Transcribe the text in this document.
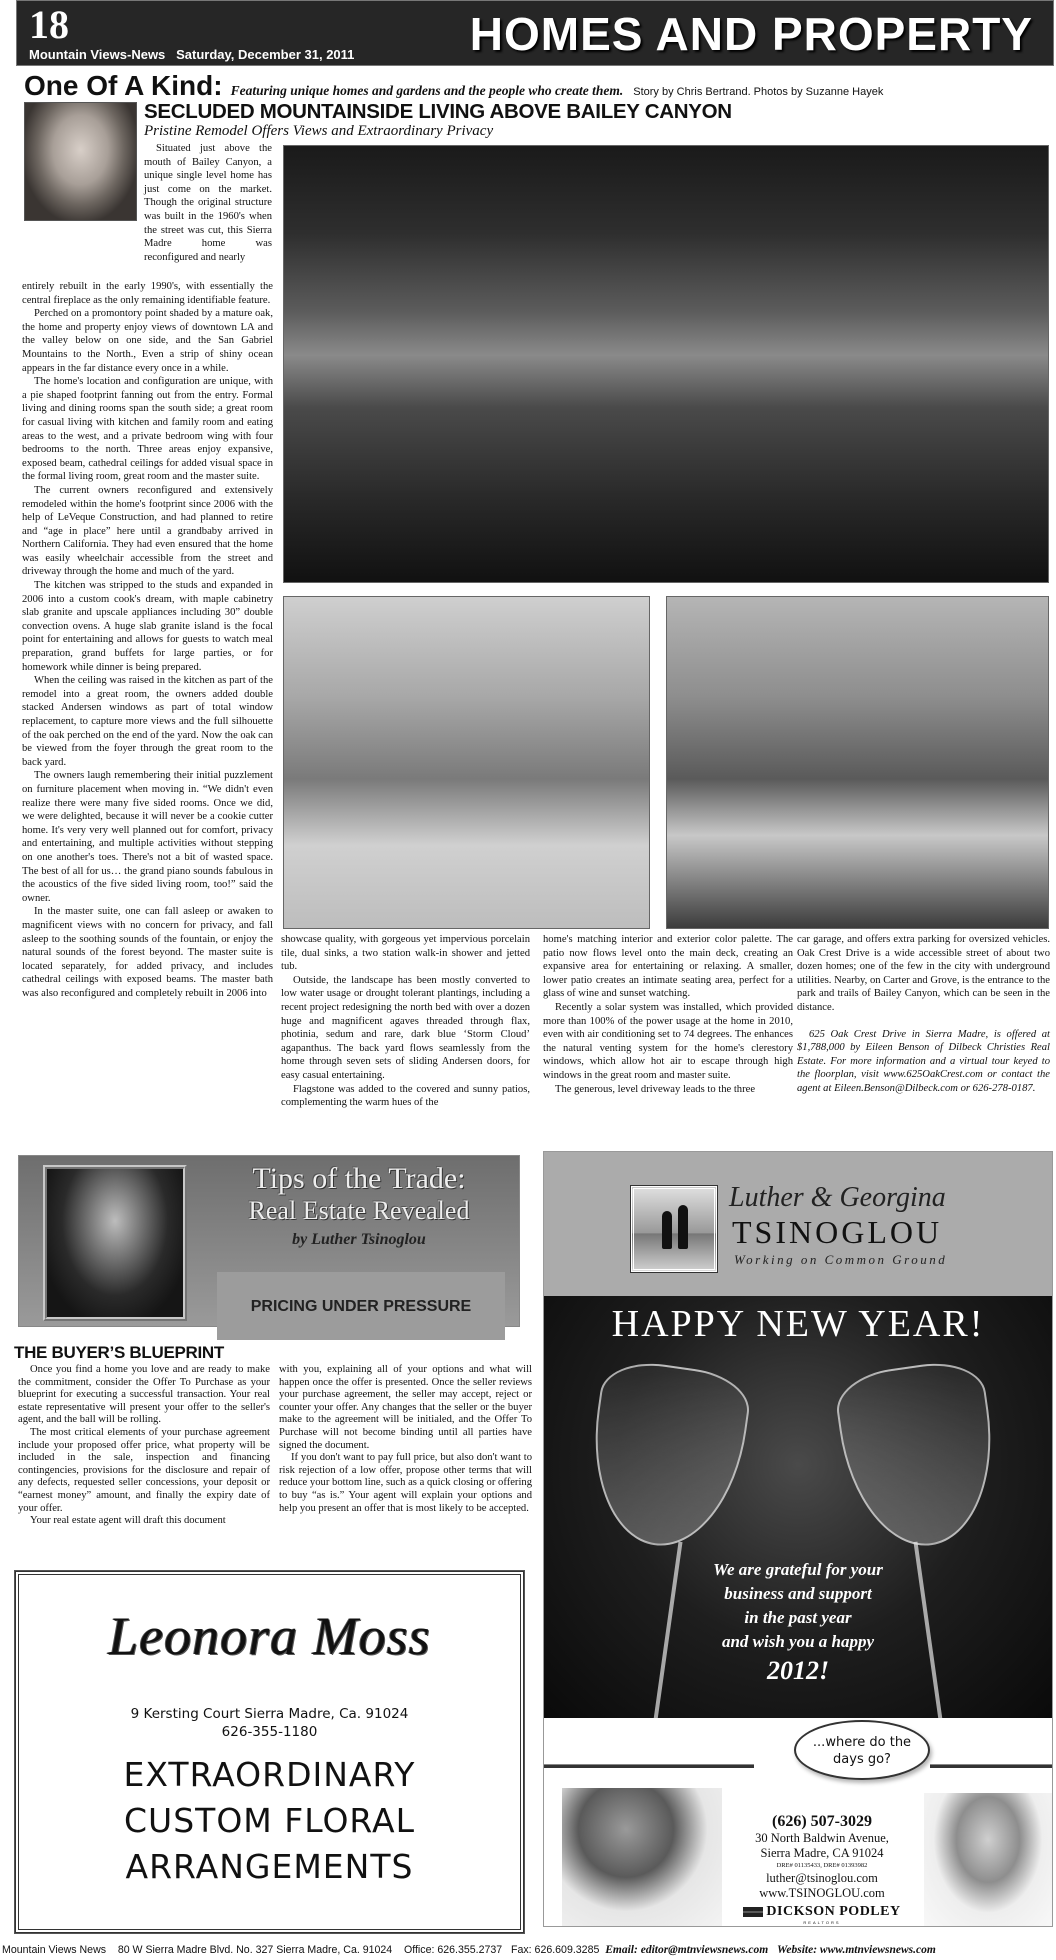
18
Mountain Views-News Saturday, December 31, 2011	HOMES AND PROPERTY
One Of A Kind: Featuring unique homes and gardens and the people who create them. Story by Chris Bertrand. Photos by Suzanne Hayek
SECLUDED MOUNTAINSIDE LIVING ABOVE BAILEY CANYON
Pristine Remodel Offers Views and Extraordinary Privacy

Situated just above the mouth of Bailey Canyon, a unique single level home has just come on the market. Though the original structure was built in the 1960's when the street was cut, this Sierra Madre home was reconfigured and nearly

entirely rebuilt in the early 1990's, with essentially the central fireplace as the only remaining identifiable feature.

Perched on a promontory point shaded by a mature oak, the home and property enjoy views of downtown LA and the valley below on one side, and the San Gabriel Mountains to the North., Even a strip of shiny ocean appears in the far distance every once in a while.

The home's location and configuration are unique, with a pie shaped footprint fanning out from the entry. Formal living and dining rooms span the south side; a great room for casual living with kitchen and family room and eating areas to the west, and a private bedroom wing with four bedrooms to the north. Three areas enjoy expansive, exposed beam, cathedral ceilings for added visual space in the formal living room, great room and the master suite.

The current owners reconfigured and extensively remodeled within the home's footprint since 2006 with the help of LeVeque Construction, and had planned to retire and “age in place” here until a grandbaby arrived in Northern California. They had even ensured that the home was easily wheelchair accessible from the street and driveway through the home and much of the yard.

The kitchen was stripped to the studs and expanded in 2006 into a custom cook's dream, with maple cabinetry slab granite and upscale appliances including 30” double convection ovens. A huge slab granite island is the focal point for entertaining and allows for guests to watch meal preparation, grand buffets for large parties, or for homework while dinner is being prepared.

When the ceiling was raised in the kitchen as part of the remodel into a great room, the owners added double stacked Andersen windows as part of total window replacement, to capture more views and the full silhouette of the oak perched on the end of the yard. Now the oak can be viewed from the foyer through the great room to the back yard.

The owners laugh remembering their initial puzzlement on furniture placement when moving in. “We didn't even realize there were many five sided rooms. Once we did, we were delighted, because it will never be a cookie cutter home. It's very very well planned out for comfort, privacy and entertaining, and multiple activities without stepping on one another's toes. There's not a bit of wasted space. The best of all for us… the grand piano sounds fabulous in the acoustics of the five sided living room, too!” said the owner.

In the master suite, one can fall asleep or awaken to magnificent views with no concern for privacy, and fall asleep to the soothing sounds of the fountain, or enjoy the natural sounds of the forest beyond. The master suite is located separately, for added privacy, and includes cathedral ceilings with exposed beams. The master bath was also reconfigured and completely rebuilt in 2006 into

showcase quality, with gorgeous yet impervious porcelain tile, dual sinks, a two station walk-in shower and jetted tub.

Outside, the landscape has been mostly converted to low water usage or drought tolerant plantings, including a recent project redesigning the north bed with over a dozen huge and magnificent agaves threaded through flax, photinia, sedum and rare, dark blue ‘Storm Cloud’ agapanthus. The back yard flows seamlessly from the home through seven sets of sliding Andersen doors, for easy casual entertaining.

Flagstone was added to the covered and sunny patios, complementing the warm hues of the

home's matching interior and exterior color palette. The patio now flows level onto the main deck, creating an expansive area for entertaining or relaxing. A smaller, lower patio creates an intimate seating area, perfect for a glass of wine and sunset watching.

Recently a solar system was installed, which provided more than 100% of the power usage at the home in 2010, even with air conditioning set to 74 degrees. The enhances the natural venting system for the home's clerestory windows, which allow hot air to escape through high windows in the great room and master suite.

The generous, level driveway leads to the three

car garage, and offers extra parking for oversized vehicles. Oak Crest Drive is a wide accessible street of about two dozen homes; one of the few in the city with underground utilities. Nearby, on Carter and Grove, is the entrance to the park and trails of Bailey Canyon, which can be seen in the distance.

625 Oak Crest Drive in Sierra Madre, is offered at $1,788,000 by Eileen Benson of Dilbeck Christies Real Estate. For more information and a virtual tour keyed to the floorplan, visit www.625OakCrest.com or contact the agent at Eileen.Benson@Dilbeck.com or 626-278-0187.

Tips of the Trade:
Real Estate Revealed
by Luther Tsinoglou
PRICING UNDER PRESSURE
THE BUYER’S BLUEPRINT

Once you find a home you love and are ready to make the commitment, consider the Offer To Purchase as your blueprint for executing a successful transaction. Your real estate representative will present your offer to the seller's agent, and the ball will be rolling.

The most critical elements of your purchase agreement include your proposed offer price, what property will be included in the sale, inspection and financing contingencies, provisions for the disclosure and repair of any defects, requested seller concessions, your deposit or “earnest money” amount, and finally the expiry date of your offer.

Your real estate agent will draft this document

with you, explaining all of your options and what will happen once the offer is presented. Once the seller reviews your purchase agreement, the seller may accept, reject or counter your offer. Any changes that the seller or the buyer make to the agreement will be initialed, and the Offer To Purchase will not become binding until all parties have signed the document.

If you don't want to pay full price, but also don't want to risk rejection of a low offer, propose other terms that will reduce your bottom line, such as a quick closing or offering to buy “as is.” Your agent will explain your options and help you present an offer that is most likely to be accepted.

Luther & Georgina
TSINOGLOU
Working on Common Ground
HAPPY NEW YEAR!
We are grateful for your
business and support
in the past year
and wish you a happy
2012!
...where do the
days go?
(626) 507-3029
30 North Baldwin Avenue,
Sierra Madre, CA 91024
DRE# 01135433, DRE# 01393982
luther@tsinoglou.com
www.TSINOGLOU.com
DICKSON PODLEY
REALTORS
Leonora Moss
9 Kersting Court Sierra Madre, Ca. 91024
626-355-1180
EXTRAORDINARY
CUSTOM FLORAL
ARRANGEMENTS
Mountain Views News 80 W Sierra Madre Blvd. No. 327 Sierra Madre, Ca. 91024 Office: 626.355.2737 Fax: 626.609.3285 Email: editor@mtnviewsnews.com Website: www.mtnviewsnews.com
